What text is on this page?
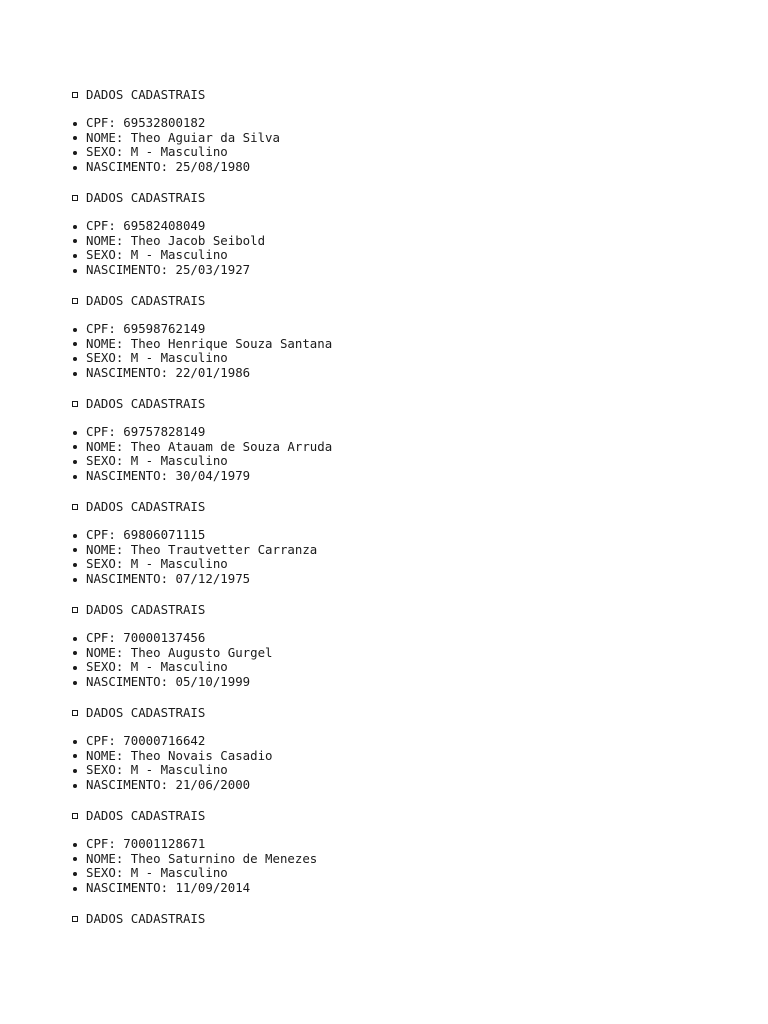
DADOS CADASTRAIS
CPF: 69532800182
NOME: Theo Aguiar da Silva
SEXO: M - Masculino
NASCIMENTO: 25/08/1980
DADOS CADASTRAIS
CPF: 69582408049
NOME: Theo Jacob Seibold
SEXO: M - Masculino
NASCIMENTO: 25/03/1927
DADOS CADASTRAIS
CPF: 69598762149
NOME: Theo Henrique Souza Santana
SEXO: M - Masculino
NASCIMENTO: 22/01/1986
DADOS CADASTRAIS
CPF: 69757828149
NOME: Theo Atauam de Souza Arruda
SEXO: M - Masculino
NASCIMENTO: 30/04/1979
DADOS CADASTRAIS
CPF: 69806071115
NOME: Theo Trautvetter Carranza
SEXO: M - Masculino
NASCIMENTO: 07/12/1975
DADOS CADASTRAIS
CPF: 70000137456
NOME: Theo Augusto Gurgel
SEXO: M - Masculino
NASCIMENTO: 05/10/1999
DADOS CADASTRAIS
CPF: 70000716642
NOME: Theo Novais Casadio
SEXO: M - Masculino
NASCIMENTO: 21/06/2000
DADOS CADASTRAIS
CPF: 70001128671
NOME: Theo Saturnino de Menezes
SEXO: M - Masculino
NASCIMENTO: 11/09/2014
DADOS CADASTRAIS
